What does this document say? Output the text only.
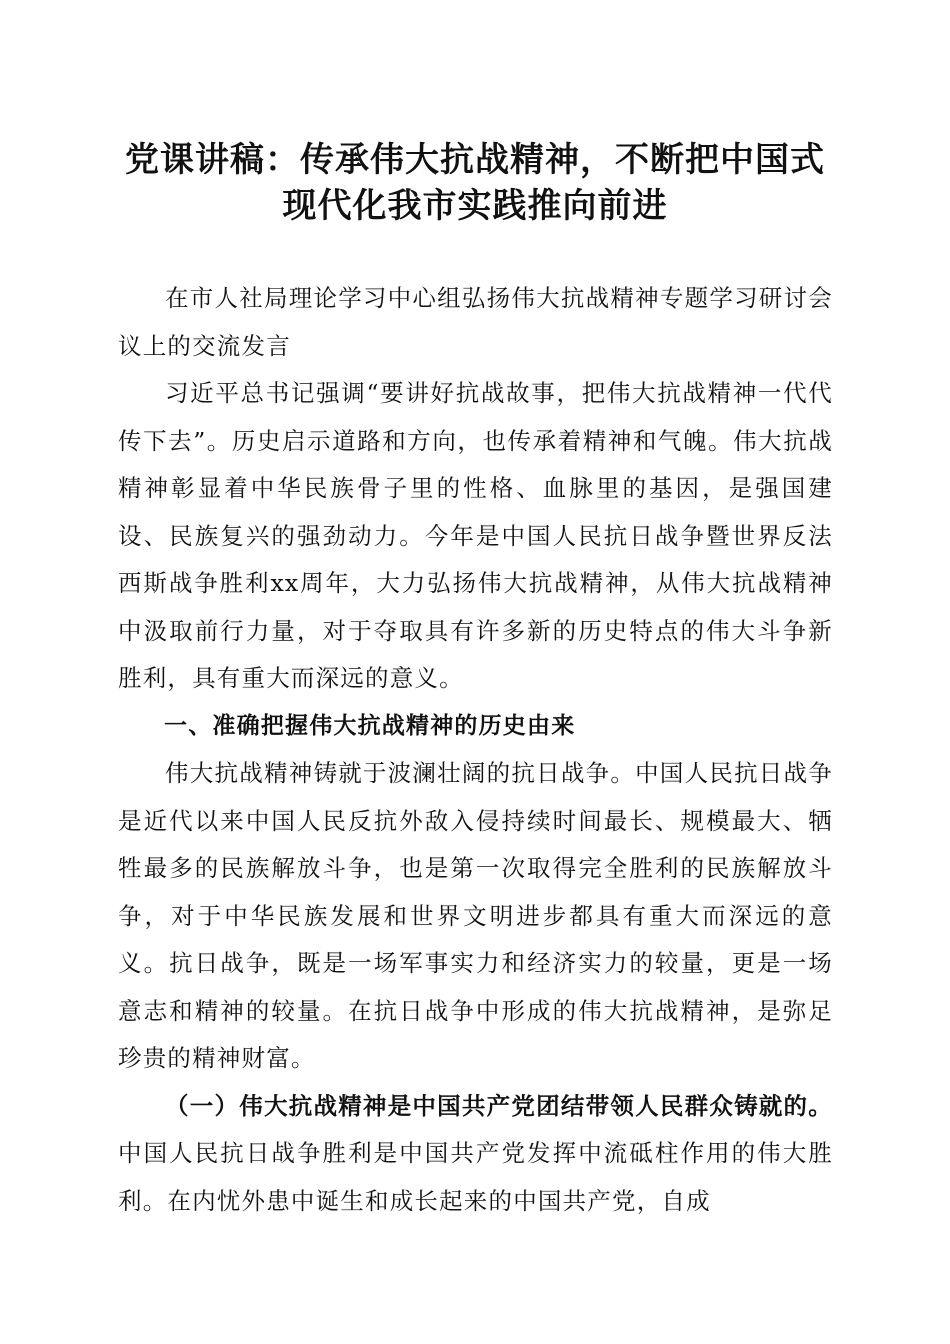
党课讲稿：传承伟大抗战精神，不断把中国式
现代化我市实践推向前进

在市人社局理论学习中心组弘扬伟大抗战精神专题学习研讨会议上的交流发言

习近平总书记强调“要讲好抗战故事，把伟大抗战精神一代代传下去”。历史启示道路和方向，也传承着精神和气魄。伟大抗战精神彰显着中华民族骨子里的性格、血脉里的基因，是强国建设、民族复兴的强劲动力。今年是中国人民抗日战争暨世界反法西斯战争胜利xx周年，大力弘扬伟大抗战精神，从伟大抗战精神中汲取前行力量，对于夺取具有许多新的历史特点的伟大斗争新胜利，具有重大而深远的意义。

一、准确把握伟大抗战精神的历史由来

伟大抗战精神铸就于波澜壮阔的抗日战争。中国人民抗日战争是近代以来中国人民反抗外敌入侵持续时间最长、规模最大、牺牲最多的民族解放斗争，也是第一次取得完全胜利的民族解放斗争，对于中华民族发展和世界文明进步都具有重大而深远的意义。抗日战争，既是一场军事实力和经济实力的较量，更是一场意志和精神的较量。在抗日战争中形成的伟大抗战精神，是弥足珍贵的精神财富。

（一）伟大抗战精神是中国共产党团结带领人民群众铸就的。中国人民抗日战争胜利是中国共产党发挥中流砥柱作用的伟大胜利。在内忧外患中诞生和成长起来的中国共产党，自成
